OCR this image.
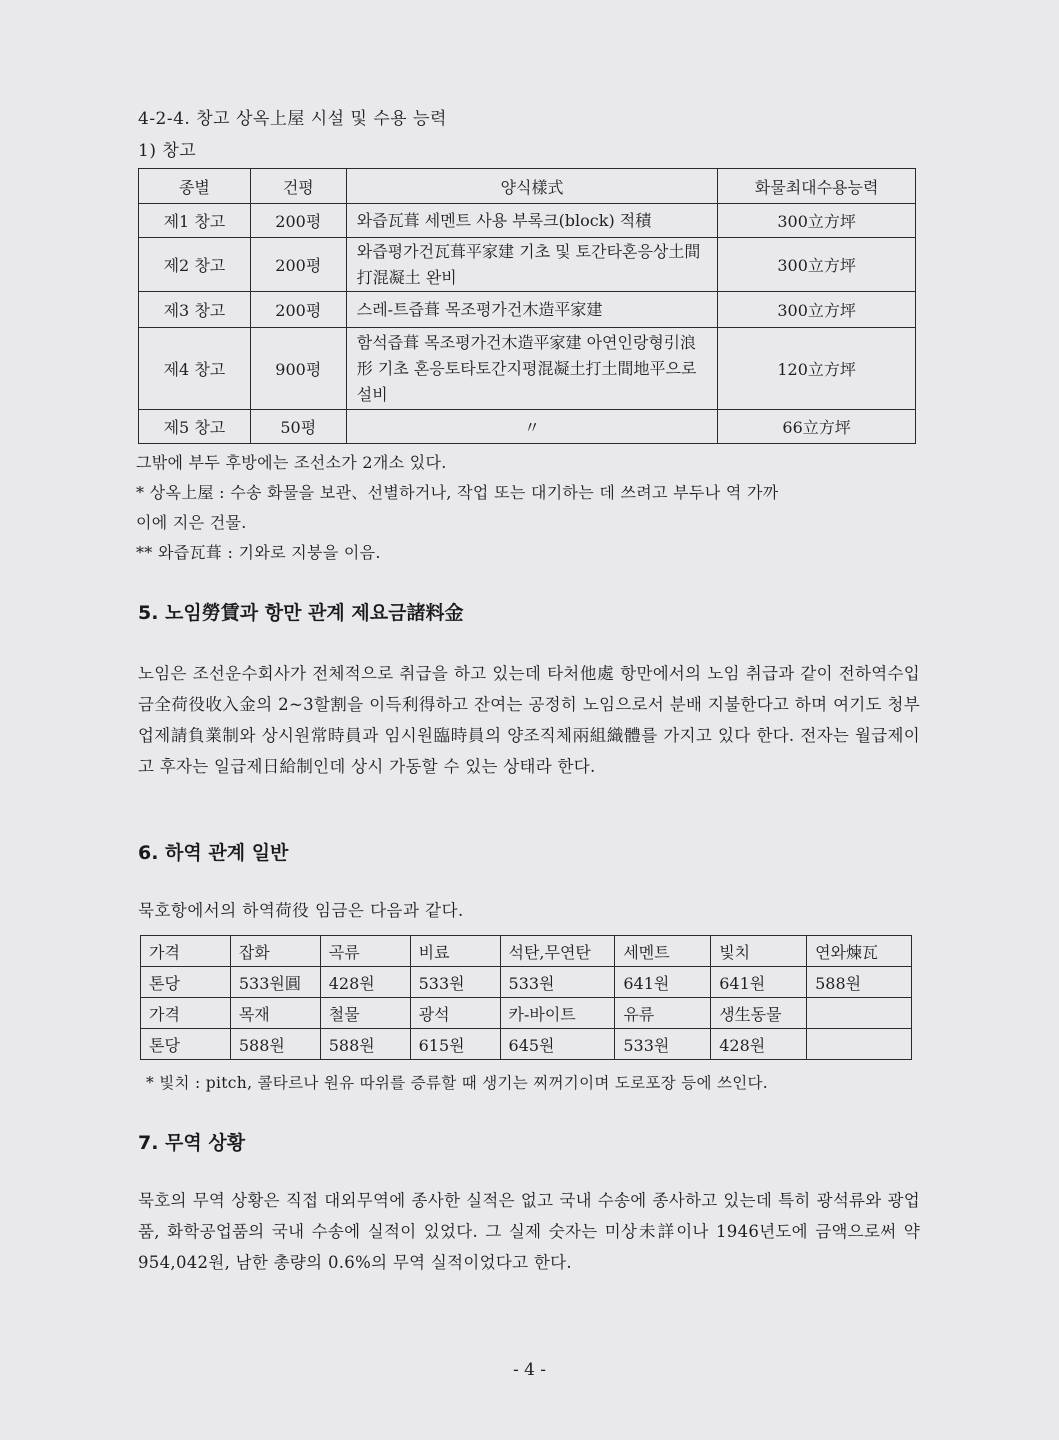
4-2-4. 창고 상옥上屋 시설 및 수용 능력
1) 창고
종별	건평	양식樣式	화물최대수용능력
제1 창고	200평	와즙瓦葺 세멘트 사용 부록크(block) 적積	300立方坪
제2 창고	200평	와즙평가건瓦葺平家建 기초 및 토간타혼응상土間打混凝土 완비	300立方坪
제3 창고	200평	스레-트즙葺 목조평가건木造平家建	300立方坪
제4 창고	900평	함석즙葺 목조평가건木造平家建 아연인랑형引浪形 기초 혼응토타토간지평混凝土打土間地平으로 설비	120立方坪
제5 창고	50평	〃	66立方坪
그밖에 부두 후방에는 조선소가 2개소 있다.
* 상옥上屋 : 수송 화물을 보관、선별하거나, 작업 또는 대기하는 데 쓰려고 부두나 역 가까
이에 지은 건물.
** 와즙瓦葺 : 기와로 지붕을 이음.
5. 노임勞賃과 항만 관계 제요금諸料金
노임은 조선운수회사가 전체적으로 취급을 하고 있는데 타처他處 항만에서의 노임 취급과 같이 전하역수입금全荷役收入金의 2~3할割을 이득利得하고 잔여는 공정히 노임으로서 분배 지불한다고 하며 여기도 청부업제請負業制와 상시원常時員과 임시원臨時員의 양조직체兩組織體를 가지고 있다 한다. 전자는 월급제이고 후자는 일급제日給制인데 상시 가동할 수 있는 상태라 한다.
6. 하역 관계 일반
묵호항에서의 하역荷役 임금은 다음과 같다.
가격	잡화	곡류	비료	석탄,무연탄	세멘트	빛치	연와煉瓦
톤당	533원圓	428원	533원	533원	641원	641원	588원
가격	목재	철물	광석	카-바이트	유류	생生동물	
톤당	588원	588원	615원	645원	533원	428원	
* 빛치 : pitch, 콜타르나 원유 따위를 증류할 때 생기는 찌꺼기이며 도로포장 등에 쓰인다.
7. 무역 상황
묵호의 무역 상황은 직접 대외무역에 종사한 실적은 없고 국내 수송에 종사하고 있는데 특히 광석류와 광업품, 화학공업품의 국내 수송에 실적이 있었다. 그 실제 숫자는 미상未詳이나 1946년도에 금액으로써 약 954,042원, 남한 총량의 0.6%의 무역 실적이었다고 한다.
- 4 -
